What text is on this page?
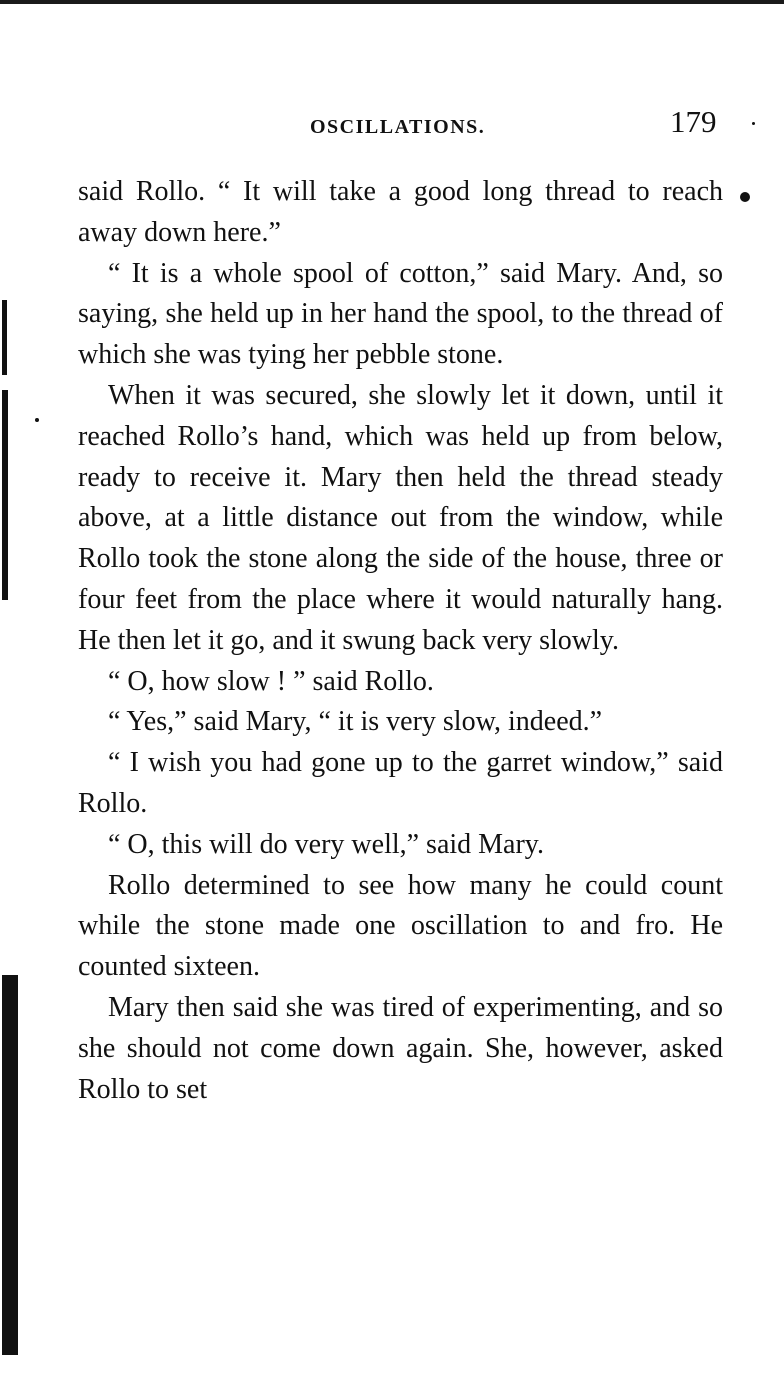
OSCILLATIONS.	179

said Rollo. “ It will take a good long thread to reach away down here.”

“ It is a whole spool of cotton,” said Mary. And, so saying, she held up in her hand the spool, to the thread of which she was tying her pebble stone.

When it was secured, she slowly let it down, until it reached Rollo’s hand, which was held up from below, ready to receive it. Mary then held the thread steady above, at a little distance out from the window, while Rollo took the stone along the side of the house, three or four feet from the place where it would naturally hang. He then let it go, and it swung back very slowly.

“ O, how slow ! ” said Rollo.

“ Yes,” said Mary, “ it is very slow, indeed.”

“ I wish you had gone up to the garret window,” said Rollo.

“ O, this will do very well,” said Mary.

Rollo determined to see how many he could count while the stone made one oscillation to and fro. He counted sixteen.

Mary then said she was tired of experimenting, and so she should not come down again. She, however, asked Rollo to set
